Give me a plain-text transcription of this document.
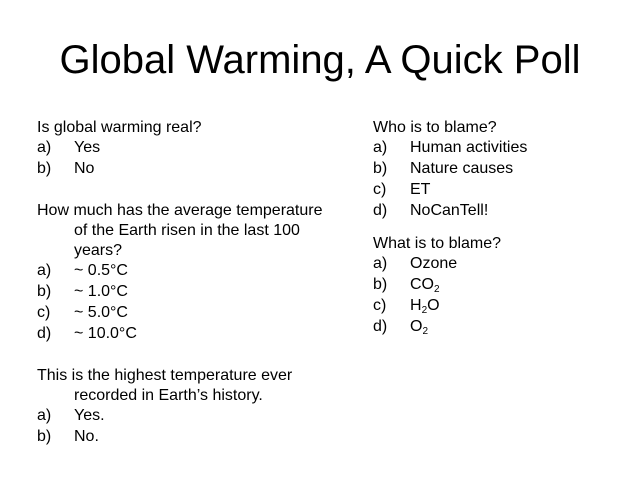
Global Warming, A Quick Poll

Is global warming real?

a)	Yes
b)	No

How much has the average temperature of the Earth risen in the last 100 years?

a)	~ 0.5°C
b)	~ 1.0°C
c)	~ 5.0°C
d)	~ 10.0°C

This is the highest temperature ever recorded in Earth’s history.

a)	Yes.
b)	No.

Who is to blame?

a)	Human activities
b)	Nature causes
c)	ET
d)	NoCanTell!

What is to blame?

a)	Ozone
b)	$CO_2$
c)	$H_2O$
d)	$O_2$
